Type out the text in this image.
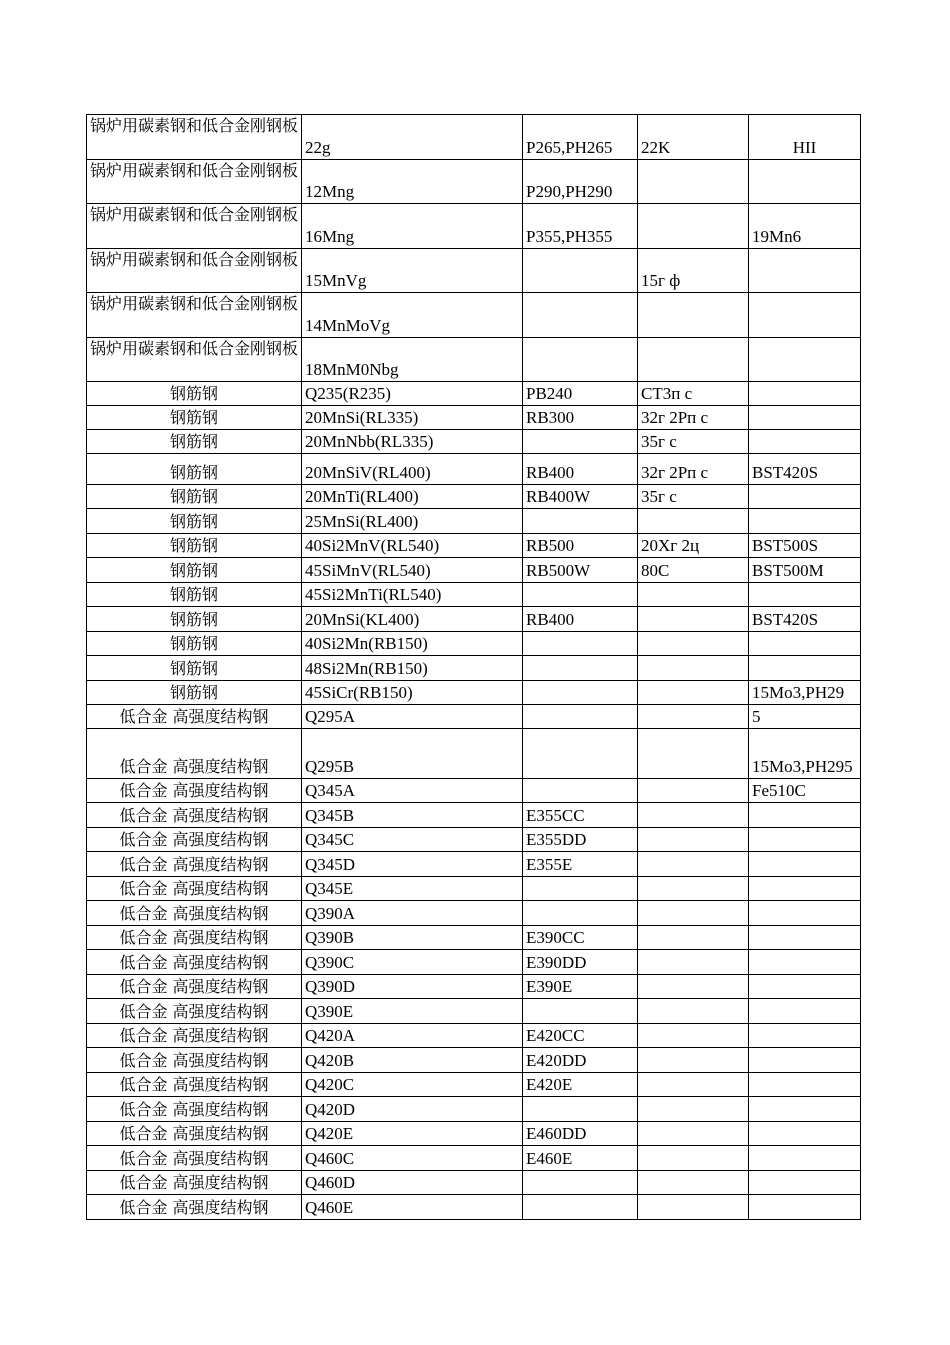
锅炉用碳素钢和低合金刚钢板	22g	P265,PH265	22K	HII
锅炉用碳素钢和低合金刚钢板	12Mng	P290,PH290		
锅炉用碳素钢和低合金刚钢板	16Mng	P355,PH355		19Mn6
锅炉用碳素钢和低合金刚钢板	15MnVg		15г ф	
锅炉用碳素钢和低合金刚钢板	14MnMoVg			
锅炉用碳素钢和低合金刚钢板	18MnM0Nbg			
钢筋钢	Q235(R235)	PB240	СТ3п с	
钢筋钢	20MnSi(RL335)	RB300	32г 2Рп с	
钢筋钢	20MnNbb(RL335)		35г с	
钢筋钢	20MnSiV(RL400)	RB400	32г 2Рп с	BST420S
钢筋钢	20MnTi(RL400)	RB400W	35г с	
钢筋钢	25MnSi(RL400)			
钢筋钢	40Si2MnV(RL540)	RB500	20Хг 2ц	BST500S
钢筋钢	45SiMnV(RL540)	RB500W	80C	BST500M
钢筋钢	45Si2MnTi(RL540)			
钢筋钢	20MnSi(KL400)	RB400		BST420S
钢筋钢	40Si2Mn(RB150)			
钢筋钢	48Si2Mn(RB150)			
钢筋钢	45SiCr(RB150)			15Mo3,PH29
低合金 高强度结构钢	Q295A			5
低合金 高强度结构钢	Q295B			15Mo3,PH295
低合金 高强度结构钢	Q345A			Fe510C
低合金 高强度结构钢	Q345B	E355CC		
低合金 高强度结构钢	Q345C	E355DD		
低合金 高强度结构钢	Q345D	E355E		
低合金 高强度结构钢	Q345E			
低合金 高强度结构钢	Q390A			
低合金 高强度结构钢	Q390B	E390CC		
低合金 高强度结构钢	Q390C	E390DD		
低合金 高强度结构钢	Q390D	E390E		
低合金 高强度结构钢	Q390E			
低合金 高强度结构钢	Q420A	E420CC		
低合金 高强度结构钢	Q420B	E420DD		
低合金 高强度结构钢	Q420C	E420E		
低合金 高强度结构钢	Q420D			
低合金 高强度结构钢	Q420E	E460DD		
低合金 高强度结构钢	Q460C	E460E		
低合金 高强度结构钢	Q460D			
低合金 高强度结构钢	Q460E			
